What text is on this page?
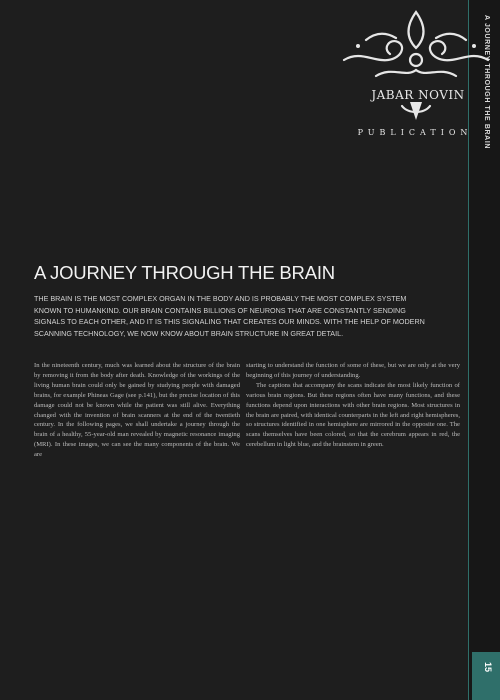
A JOURNEY THROUGH THE BRAIN
15
JABAR NOVIN
PUBLICATION
A JOURNEY THROUGH THE BRAIN
THE BRAIN IS THE MOST COMPLEX ORGAN IN THE BODY AND IS PROBABLY THE MOST COMPLEX SYSTEM KNOWN TO HUMANKIND. OUR BRAIN CONTAINS BILLIONS OF NEURONS THAT ARE CONSTANTLY SENDING SIGNALS TO EACH OTHER, AND IT IS THIS SIGNALING THAT CREATES OUR MINDS. WITH THE HELP OF MODERN SCANNING TECHNOLOGY, WE NOW KNOW ABOUT BRAIN STRUCTURE IN GREAT DETAIL.

In the nineteenth century, much was learned about the structure of the brain by removing it from the body after death. Knowledge of the workings of the living human brain could only be gained by studying people with damaged brains, for example Phineas Gage (see p.141), but the precise location of this damage could not be known while the patient was still alive. Everything changed with the invention of brain scanners at the end of the twentieth century. In the following pages, we shall undertake a journey through the brain of a healthy, 55-year-old man revealed by magnetic resonance imaging (MRI). In these images, we can see the many components of the brain. We are

starting to understand the function of some of these, but we are only at the very beginning of this journey of understanding.

The captions that accompany the scans indicate the most likely function of various brain regions. But these regions often have many functions, and these functions depend upon interactions with other brain regions. Most structures in the brain are paired, with identical counterparts in the left and right hemispheres, so structures identified in one hemisphere are mirrored in the opposite one. The scans themselves have been colored, so that the cerebrum appears in red, the cerebellum in light blue, and the brainstem in green.
